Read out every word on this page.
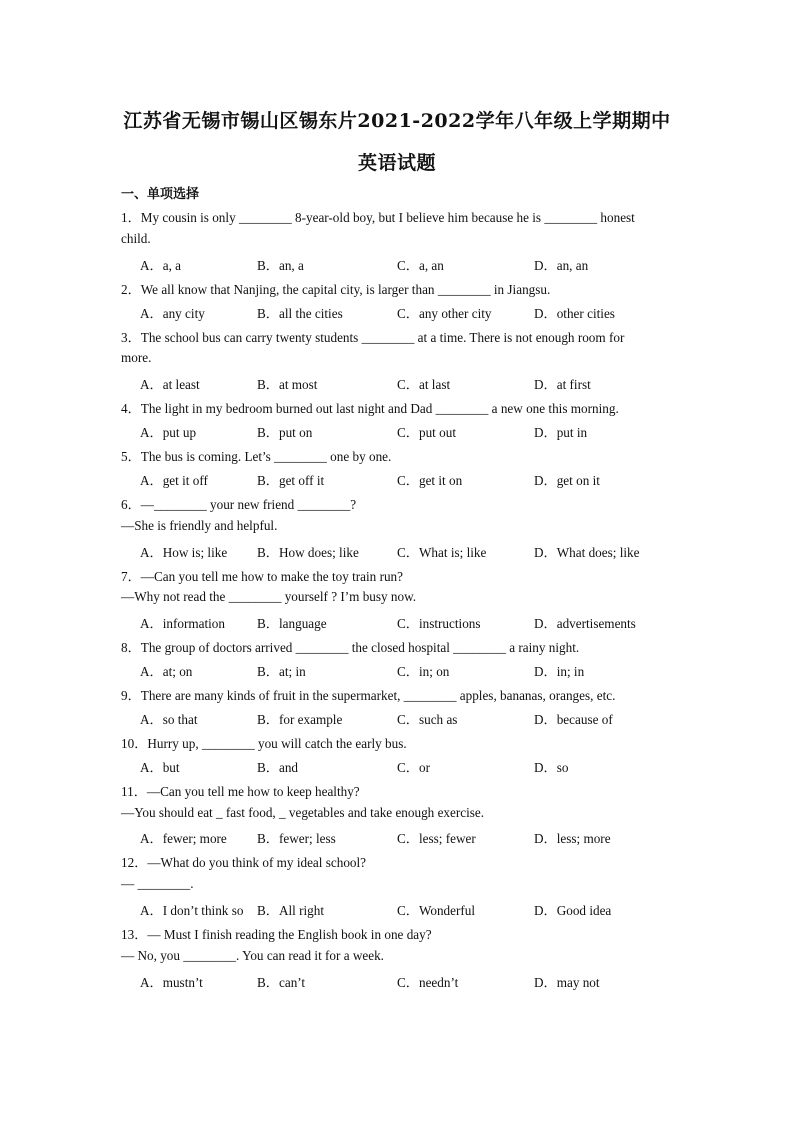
江苏省无锡市锡山区锡东片2021-2022学年八年级上学期期中
英语试题
一、单项选择
1．My cousin is only ________ 8-year-old boy, but I believe him because he is ________ honest
child.
A．a, a	B．an, a	C．a, an	D．an, an
2．We all know that Nanjing, the capital city, is larger than ________ in Jiangsu.
A．any city	B．all the cities	C．any other city	D．other cities
3．The school bus can carry twenty students ________ at a time. There is not enough room for
more.
A．at least	B．at most	C．at last	D．at first
4．The light in my bedroom burned out last night and Dad ________ a new one this morning.
A．put up	B．put on	C．put out	D．put in
5．The bus is coming. Let’s ________ one by one.
A．get it off	B．get off it	C．get it on	D．get on it
6．—________ your new friend ________?
—She is friendly and helpful.
A．How is; like B．How does; like	C．What is; like	D．What does; like
7．—Can you tell me how to make the toy train run?
—Why not read the ________ yourself ? I’m busy now.
A．information B．language	C．instructions	D．advertisements
8．The group of doctors arrived ________ the closed hospital ________ a rainy night.
A．at; on	B．at; in	C．in; on	D．in; in
9．There are many kinds of fruit in the supermarket, ________ apples, bananas, oranges, etc.
A．so that	B．for example	C．such as	D．because of
10．Hurry up, ________ you will catch the early bus.
A．but	B．and	C．or	D．so
11．—Can you tell me how to keep healthy?
—You should eat _ fast food, _ vegetables and take enough exercise.
A．fewer; more B．fewer; less	C．less; fewer	D．less; more
12．—What do you think of my ideal school?
— ________.
A．I don’t think so B．All right	C．Wonderful	D．Good idea
13．— Must I finish reading the English book in one day?
— No, you ________. You can read it for a week.
A．mustn’t	B．can’t	C．needn’t	D．may not
